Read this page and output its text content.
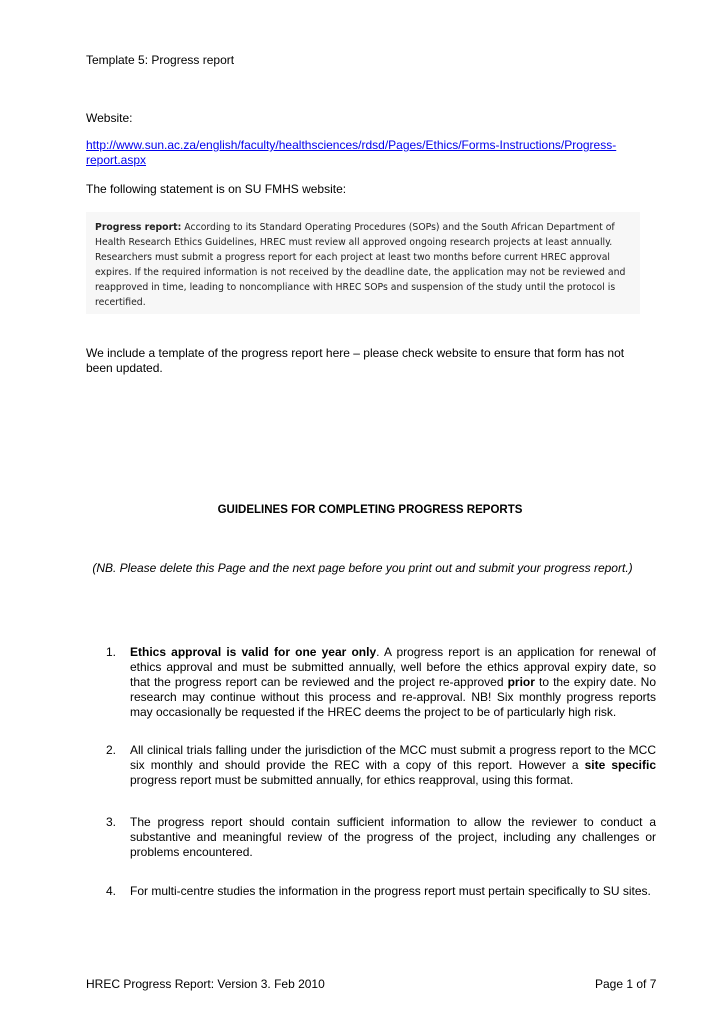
Template 5: Progress report
Website:
http://www.sun.ac.za/english/faculty/healthsciences/rdsd/Pages/Ethics/Forms-Instructions/Progress-report.aspx
The following statement is on SU FMHS website:
Progress report: According to its Standard Operating Procedures (SOPs) and the South African Department of Health Research Ethics Guidelines, HREC must review all approved ongoing research projects at least annually. Researchers must submit a progress report for each project at least two months before current HREC approval expires. If the required information is not received by the deadline date, the application may not be reviewed and reapproved in time, leading to noncompliance with HREC SOPs and suspension of the study until the protocol is recertified.
We include a template of the progress report here – please check website to ensure that form has not been updated.
GUIDELINES FOR COMPLETING PROGRESS REPORTS
(NB. Please delete this Page and the next page before you print out and submit your progress report.)
1. Ethics approval is valid for one year only. A progress report is an application for renewal of ethics approval and must be submitted annually, well before the ethics approval expiry date, so that the progress report can be reviewed and the project re-approved prior to the expiry date. No research may continue without this process and re-approval. NB! Six monthly progress reports may occasionally be requested if the HREC deems the project to be of particularly high risk.
2. All clinical trials falling under the jurisdiction of the MCC must submit a progress report to the MCC six monthly and should provide the REC with a copy of this report. However a site specific progress report must be submitted annually, for ethics reapproval, using this format.
3. The progress report should contain sufficient information to allow the reviewer to conduct a substantive and meaningful review of the progress of the project, including any challenges or problems encountered.
4. For multi-centre studies the information in the progress report must pertain specifically to SU sites.
HREC Progress Report: Version 3. Feb 2010	Page 1 of 7
